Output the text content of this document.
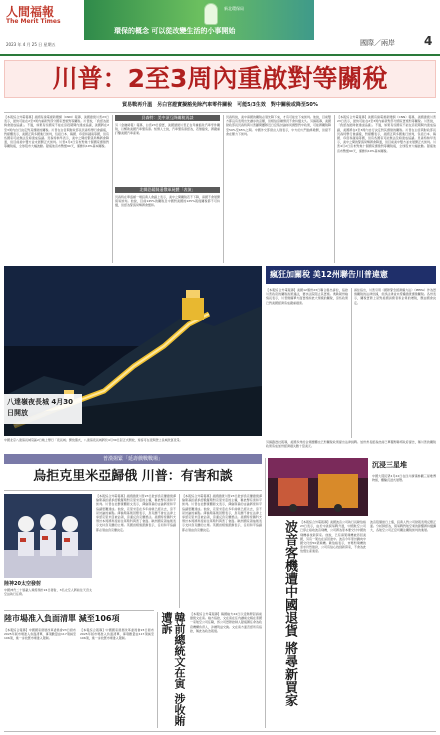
人間福報
The Merit Times
2023 年 4 月 25 日 星期五
新北環保局
環保的概念 可以從改變生活的小事開始
國際／兩岸 4
川普：2至3周內重啟對等關稅
貿易戰再升溫　另白宮證實擬豁免除汽車零件關稅　可能5/3生效　對中關稅或降至50%
【本報綜合外電報導】美國有線電視新聞網（CNN）報導，美國總統川普23日表示，最快可能在2至3周內重新對部分國家實施對等關稅。川普說，「我認為最終會達成協議」。不過，如果有些國家不能在這段期間內達成協議，美國將在2至3周內自行決定對其課徵的關稅。川普在白宮與財政部長貝森特舉行會議後，對媒體表示，美國正與多國進行談判，包括日本、韓國、印度和越南等國，但有些國家可能無法及時達成協議。貝森特稍早表示，美中之間的緊張局勢將會降溫，但目前美中雙方並未展開正式談判。川普4月2日宣布對幾十個國家課徵對等關稅後，全球股市大幅波動。隨後他宣布暫緩90天，僅維持10%基本關稅。
貝森特：美中須互降關稅再談
另《金融時報》報導，白宮23日證實，美國總統川普正在考慮豁免汽車零件關稅，以幫助美國汽車製造商。知情人士說，汽車製造商認為，若無豁免，將嚴重打擊美國汽車產業。
北韓恐藉歸還俄軍屍體「表演」
貝森特在華盛頓一場投資人會議上表示，美中之間關稅若不下降，兩國不會展開貿易談判。他說，目前145%的關稅及中國對美國的125%報復關稅都不可持續，但認為緊張局勢將會緩和。
貝森特說，美中兩國的關稅必須先降下來，才有可能坐下來談判。他說，目前雙方都沒有表現出先讓步的意願，但相信這種情況不會持續太久。另據報導，美國財政部長貝森特與川普顧問團隊近日密集討論如何調整對中政策，可能將關稅降至50%至65%之間。中國外交部發言人則表示，中方的大門始終敞開，但絕不會在壓力下談判。
【本報綜合外電報導】美國有線電視新聞網（CNN）報導，美國總統川普23日表示，最快可能在2至3周內重新對部分國家實施對等關稅。川普說，「我認為最終會達成協議」。不過，如果有些國家不能在這段期間內達成協議，美國將在2至3周內自行決定對其課徵的關稅。川普在白宮與財政部長貝森特舉行會議後，對媒體表示，美國正與多國進行談判，包括日本、韓國、印度和越南等國，但有些國家可能無法及時達成協議。貝森特稍早表示，美中之間的緊張局勢將會降溫，但目前美中雙方並未展開正式談判。川普4月2日宣布對幾十個國家課徵對等關稅後，全球股市大幅波動。隨後他宣布暫緩90天，僅維持10%基本關稅。
八達嶺夜長城 4月30日開放
中國北京八達嶺長城景區2日晚上舉行「夜長城」開放儀式，八達嶺夜長城將於4月30日起正式開放，遊客可在夜間登上長城欣賞夜景。
瘋狂加關稅 美12州聯告川普違憲
【本報綜合外電報導】美國12個州23日聯合提出訴訟，指控川普政府的關稅政策違法，要求法院阻止其實施。奧勒岡州檢察長表示，川普無權單方面實施如此大規模的關稅，這些政策已對美國經濟造成嚴重損害。
訴訟指出，川普引用《國際緊急經濟權力法》（IEEPA）作為實施關稅的法律依據，但該法律並未授權總統課徵關稅。各州表示，關稅實際上是對美國消費者和企業的增稅，應由國會決定。
另據路透社報導，美國多州的企業團體也已對關稅政策提出法律挑戰。加州州長紐森此前已單獨對聯邦政府提告，稱川普的關稅政策造成加州經濟損失數十億美元。
普漢揚緊「延壽戲戰戰場」
烏拒克里米亞歸俄 川普：有害和談
陸神20太空發射
中國神舟二十號載人飛船預計24日發射，3名太空人將前往天宮太空站執行任務。
【本報綜合外電報導】美國總統川普23日批評烏克蘭總統澤倫斯基拒絕承認俄羅斯對克里米亞的主權，稱此舉有害和平談判。川普在社群媒體發文表示，澤倫斯基的言論將使和平協議更難達成。他說，克里米亞在多年前就已經失去，這不是討論的重點。澤倫斯基則回應表示，烏克蘭不會在法律上承認克里米亞被佔領，這違反烏克蘭憲法。美國特使魏科夫預計本周將再度前往莫斯科與普丁會面。歐洲國家領袖則表示支持烏克蘭的立場。英國首相施凱爾表示，任何和平協議都必須由烏克蘭決定。
【本報綜合外電報導】美國總統川普23日批評烏克蘭總統澤倫斯基拒絕承認俄羅斯對克里米亞的主權，稱此舉有害和平談判。川普在社群媒體發文表示，澤倫斯基的言論將使和平協議更難達成。他說，克里米亞在多年前就已經失去，這不是討論的重點。澤倫斯基則回應表示，烏克蘭不會在法律上承認克里米亞被佔領，這違反烏克蘭憲法。美國特使魏科夫預計本周將再度前往莫斯科與普丁會面。歐洲國家領袖則表示支持烏克蘭的立場。英國首相施凱爾表示，任何和平協議都必須由烏克蘭決定。
陸市場准入負面清單 減至106項
【本報綜合報導】中國國家發展改革委員會23日發布2025年版市場准入負面清單，事項數量由117項減至106項，進一步放寬市場准入限制。
【本報綜合報導】中國國家發展改革委員會23日發布2025年版市場准入負面清單，事項數量由117項減至106項，進一步放寬市場准入限制。	韓前總統文在寅 涉收賄遭訴	【本報綜合外電報導】韓國檢方24日以受賄罪起訴前總統文在寅。檢方指控，文在寅在任內讓前女婿在泰國一家航空公司任職，該公司實際控制人隨後獲任命為政府機構負責人，涉嫌利益交換。文在寅方面否認所有指控，稱此為政治報復。	波音客機遭中國退貨 將尋新買家 【本報綜合外電報導】美國波音公司執行長歐伯格23日表示，由於中美貿易戰升溫，中國航空公司已停止接收波音飛機，公司將為原本要交付中國的飛機尋找新買家。他說，已有兩架飛機被退回美國，另有一架也在返回途中。波音今年原計劃向中國交付約50架飛機。歐伯格表示，市場對飛機的需求仍然強勁，公司有信心找到新買家，不會為此放慢生產速度。
波音股價當日上漲，投資人對公司財報表現反應正面。分析師認為，貿易戰對航空業的影響將持續擴大，各航空公司正密切關注關稅談判的進展。
沉浸三星堆
中國大陸民眾4月22日在四川廣漢參觀三星堆博物館，體驗沉浸式展覽。
